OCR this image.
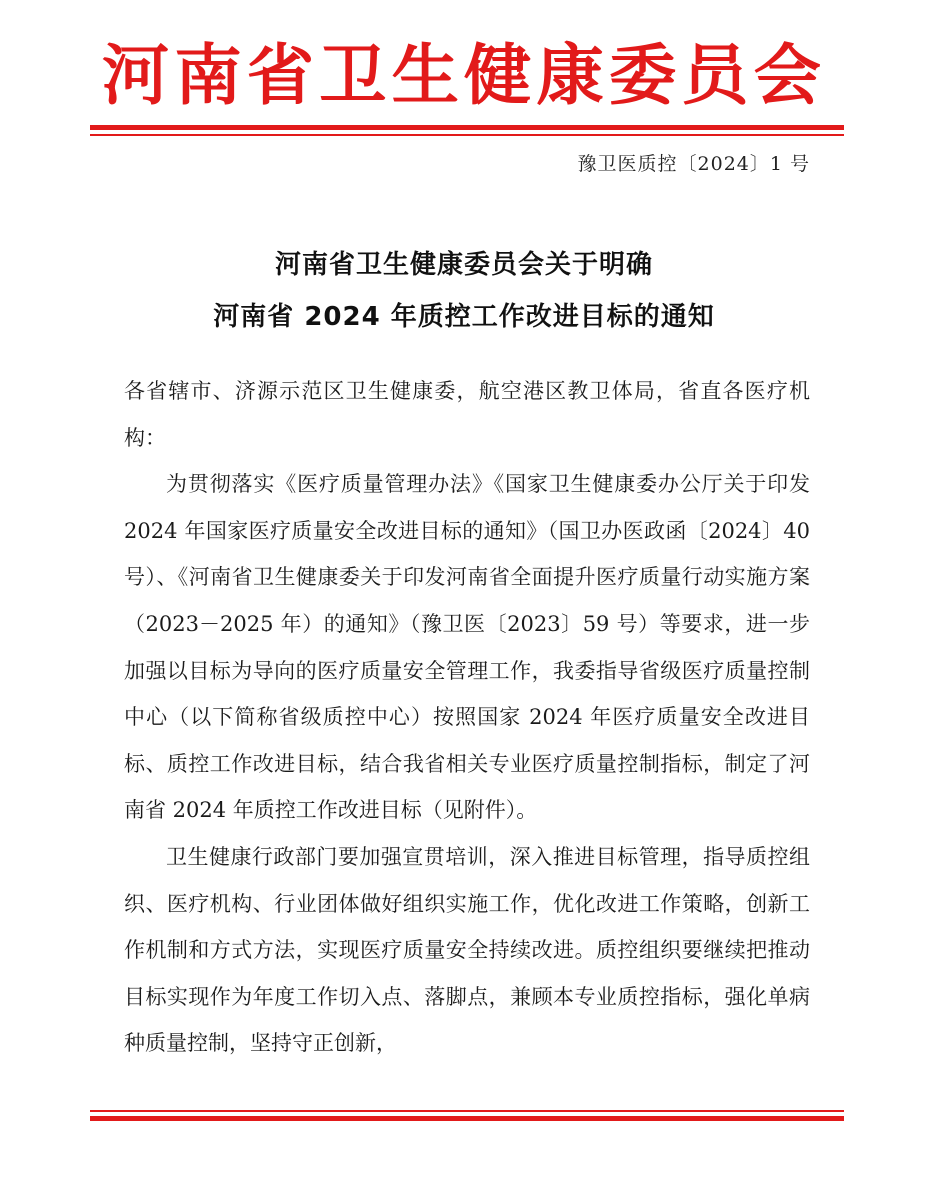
河南省卫生健康委员会
豫卫医质控〔2024〕1 号
河南省卫生健康委员会关于明确
河南省 2024 年质控工作改进目标的通知

各省辖市、济源示范区卫生健康委，航空港区教卫体局，省直各医疗机构：

为贯彻落实《医疗质量管理办法》《国家卫生健康委办公厅关于印发 2024 年国家医疗质量安全改进目标的通知》（国卫办医政函〔2024〕40 号）、《河南省卫生健康委关于印发河南省全面提升医疗质量行动实施方案（2023－2025 年）的通知》（豫卫医〔2023〕59 号）等要求，进一步加强以目标为导向的医疗质量安全管理工作，我委指导省级医疗质量控制中心（以下简称省级质控中心）按照国家 2024 年医疗质量安全改进目标、质控工作改进目标，结合我省相关专业医疗质量控制指标，制定了河南省 2024 年质控工作改进目标（见附件）。

卫生健康行政部门要加强宣贯培训，深入推进目标管理，指导质控组织、医疗机构、行业团体做好组织实施工作，优化改进工作策略，创新工作机制和方式方法，实现医疗质量安全持续改进。质控组织要继续把推动目标实现作为年度工作切入点、落脚点，兼顾本专业质控指标，强化单病种质量控制，坚持守正创新，
